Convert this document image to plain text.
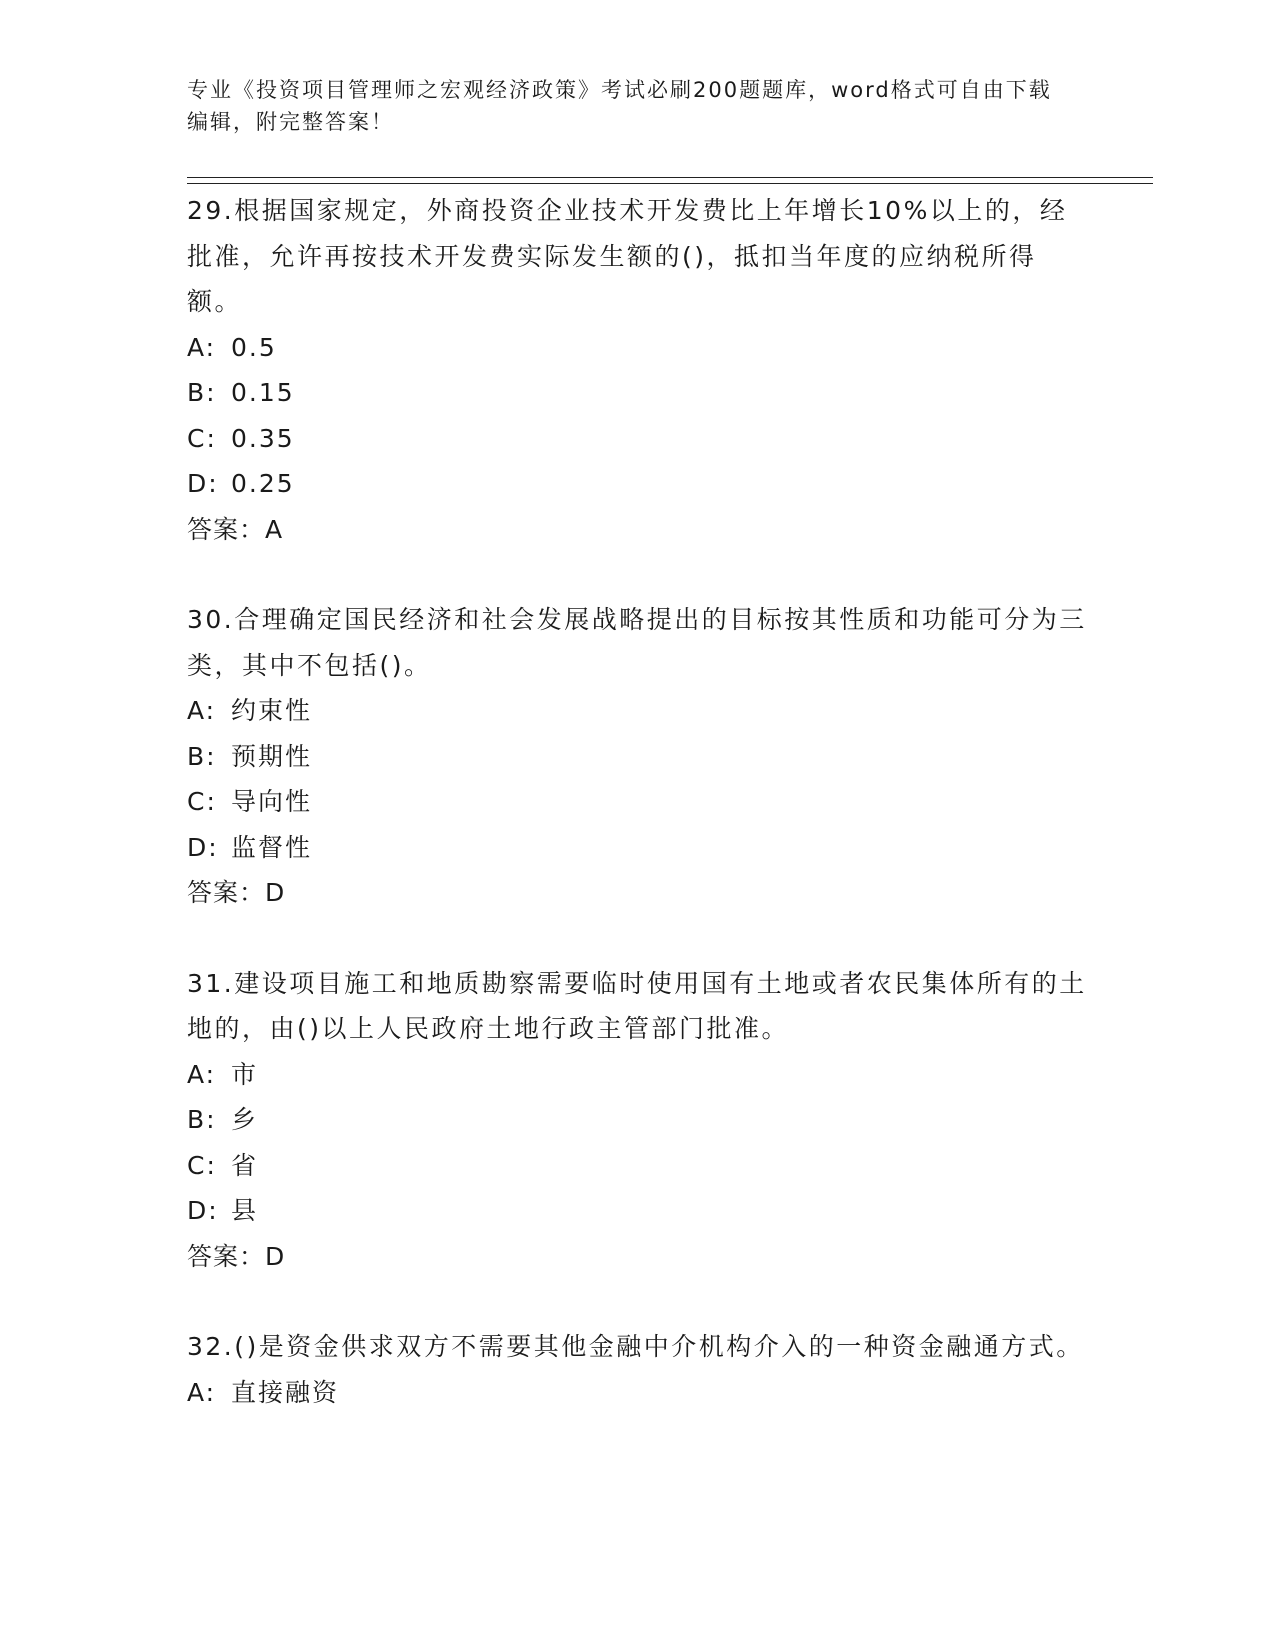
专业《投资项目管理师之宏观经济政策》考试必刷200题题库，word格式可自由下载编辑，附完整答案！
29.根据国家规定，外商投资企业技术开发费比上年增长10%以上的，经批准，允许再按技术开发费实际发生额的()，抵扣当年度的应纳税所得额。
A: 0.5
B: 0.15
C: 0.35
D: 0.25
答案：A
30.合理确定国民经济和社会发展战略提出的目标按其性质和功能可分为三类，其中不包括()。
A: 约束性
B: 预期性
C: 导向性
D: 监督性
答案：D
31.建设项目施工和地质勘察需要临时使用国有土地或者农民集体所有的土地的，由()以上人民政府土地行政主管部门批准。
A: 市
B: 乡
C: 省
D: 县
答案：D
32.()是资金供求双方不需要其他金融中介机构介入的一种资金融通方式。
A: 直接融资
